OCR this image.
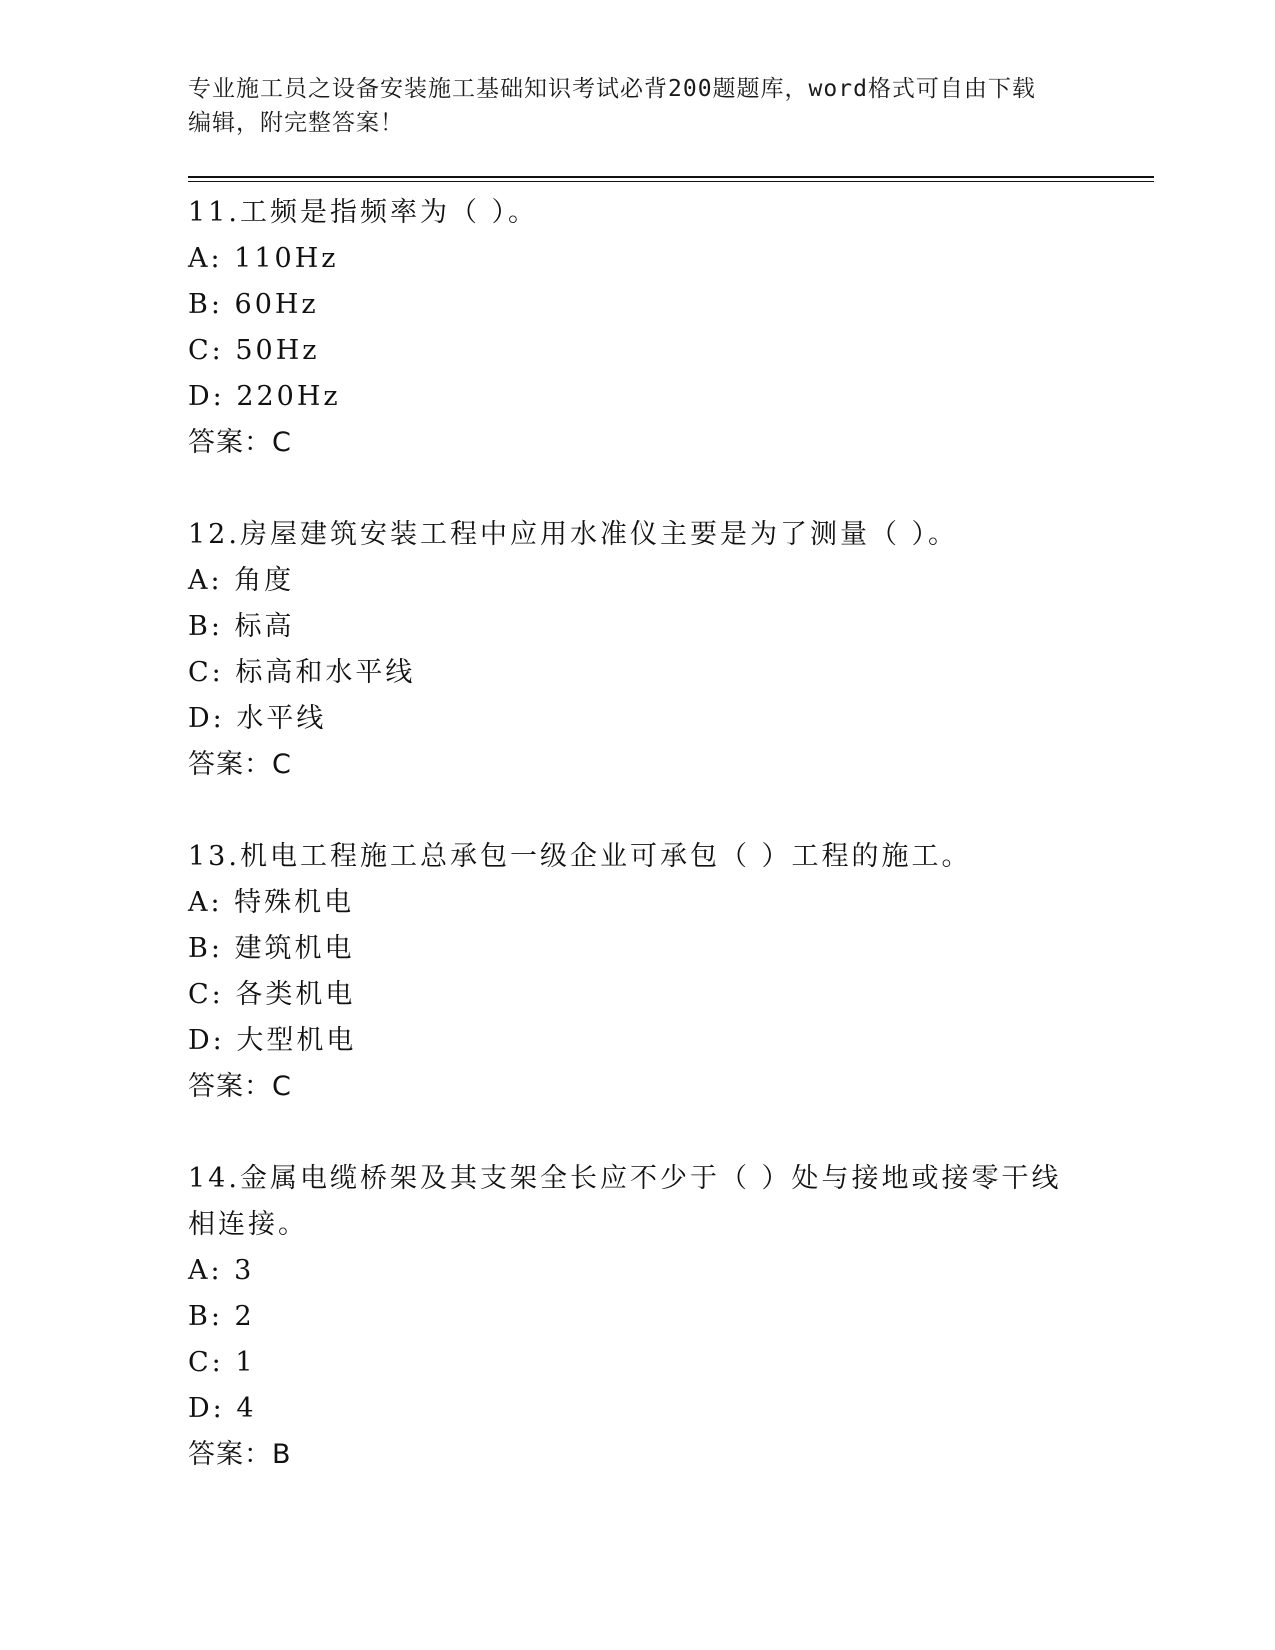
专业施工员之设备安装施工基础知识考试必背200题题库，word格式可自由下载
编辑，附完整答案！
11.工频是指频率为（ ）。
A: 110Hz
B: 60Hz
C: 50Hz
D: 220Hz
答案：C
12.房屋建筑安装工程中应用水准仪主要是为了测量（ ）。
A: 角度
B: 标高
C: 标高和水平线
D: 水平线
答案：C
13.机电工程施工总承包一级企业可承包（ ）工程的施工。
A: 特殊机电
B: 建筑机电
C: 各类机电
D: 大型机电
答案：C
14.金属电缆桥架及其支架全长应不少于（ ）处与接地或接零干线相连接。
A: 3
B: 2
C: 1
D: 4
答案：B
